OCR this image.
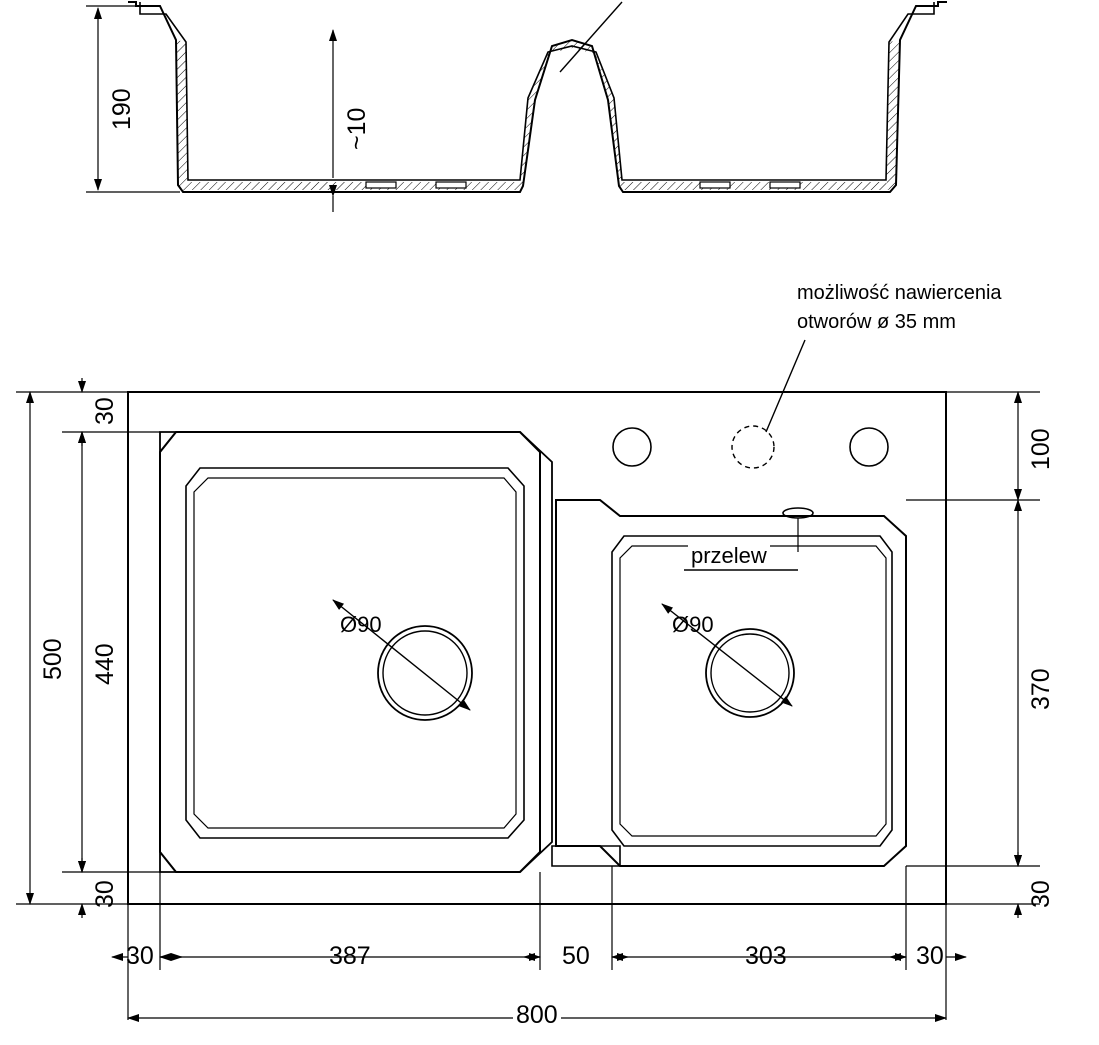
190	~10
możliwość nawiercenia
otworów ø 35 mm
przelew
Ø90	Ø90
500 440
30
30
100
370
30
30	387	50	303	30
800
